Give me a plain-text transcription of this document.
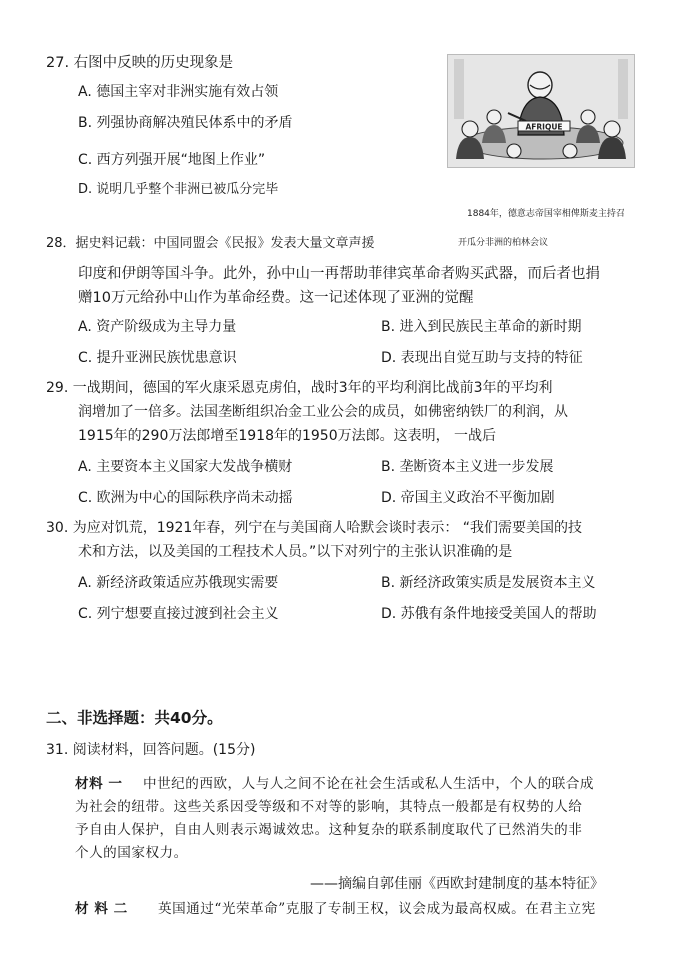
27. 右图中反映的历史现象是
A. 德国主宰对非洲实施有效占领
B. 列强协商解决殖民体系中的矛盾
C. 西方列强开展“地图上作业”
D. 说明几乎整个非洲已被瓜分完毕
AFRIQUE
1884年，德意志帝国宰相俾斯麦主持召
开瓜分非洲的柏林会议
28．据史料记载：中国同盟会《民报》发表大量文章声援
印度和伊朗等国斗争。此外，孙中山一再帮助菲律宾革命者购买武器，而后者也捐
赠10万元给孙中山作为革命经费。这一记述体现了亚洲的觉醒
A. 资产阶级成为主导力量	B. 进入到民族民主革命的新时期
C. 提升亚洲民族忧患意识	D. 表现出自觉互助与支持的特征
29. 一战期间，德国的军火康采恩克虏伯，战时3年的平均利润比战前3年的平均利
润增加了一倍多。法国垄断组织冶金工业公会的成员，如佛密纳铁厂的利润，从
1915年的290万法郎增至1918年的1950万法郎。这表明， 一战后
A. 主要资本主义国家大发战争横财	B. 垄断资本主义进一步发展
C. 欧洲为中心的国际秩序尚未动摇	D. 帝国主义政治不平衡加剧
30. 为应对饥荒，1921年春，列宁在与美国商人哈默会谈时表示： “我们需要美国的技
术和方法，以及美国的工程技术人员。”以下对列宁的主张认识准确的是
A. 新经济政策适应苏俄现实需要	B. 新经济政策实质是发展资本主义
C. 列宁想要直接过渡到社会主义	D. 苏俄有条件地接受美国人的帮助
二、非选择题：共40分。
31. 阅读材料，回答问题。(15分)
材料 一 中世纪的西欧，人与人之间不论在社会生活或私人生活中，个人的联合成
为社会的纽带。这些关系因受等级和不对等的影响，其特点一般都是有权势的人给
予自由人保护，自由人则表示竭诚效忠。这种复杂的联系制度取代了已然消失的非
个人的国家权力。
——摘编自郭佳丽《西欧封建制度的基本特征》
材 料 二 英国通过“光荣革命”克服了专制王权，议会成为最高权威。在君主立宪
